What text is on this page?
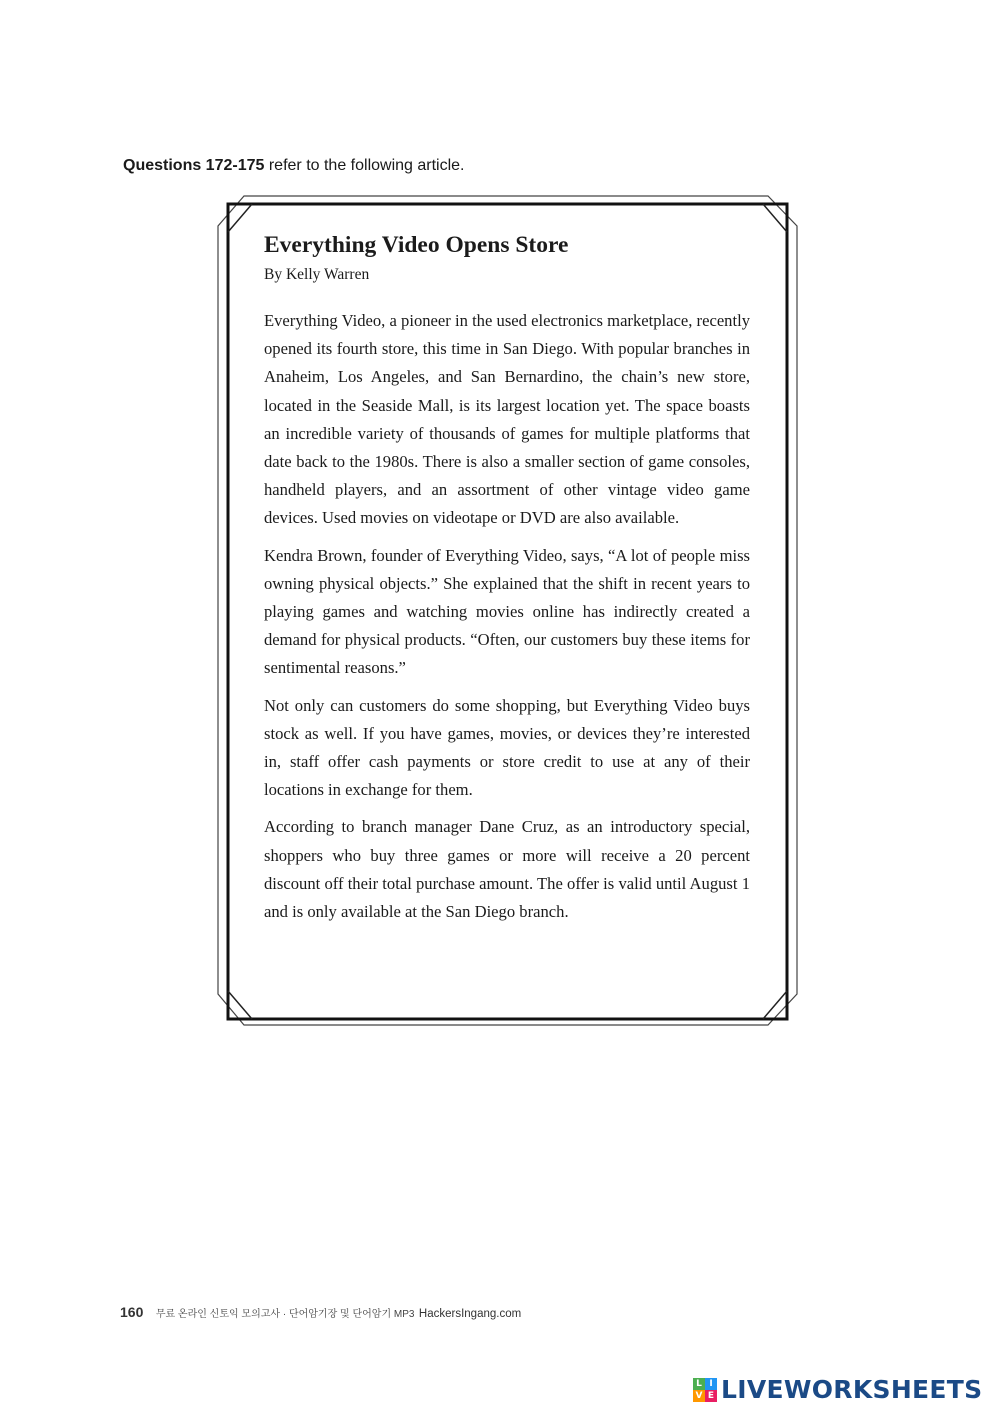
Questions 172-175 refer to the following article.
Everything Video Opens Store
By Kelly Warren

Everything Video, a pioneer in the used electronics marketplace, recently opened its fourth store, this time in San Diego. With popular branches in Anaheim, Los Angeles, and San Bernardino, the chain’s new store, located in the Seaside Mall, is its largest location yet. The space boasts an incredible variety of thousands of games for multiple platforms that date back to the 1980s. There is also a smaller section of game consoles, handheld players, and an assortment of other vintage video game devices. Used movies on videotape or DVD are also available.

Kendra Brown, founder of Everything Video, says, “A lot of people miss owning physical objects.” She explained that the shift in recent years to playing games and watching movies online has indirectly created a demand for physical products. “Often, our customers buy these items for sentimental reasons.”

Not only can customers do some shopping, but Everything Video buys stock as well. If you have games, movies, or devices they’re interested in, staff offer cash payments or store credit to use at any of their locations in exchange for them.

According to branch manager Dane Cruz, as an introductory special, shoppers who buy three games or more will receive a 20 percent discount off their total purchase amount. The offer is valid until August 1 and is only available at the San Diego branch.

160 무료 온라인 신토익 모의고사 · 단어암기장 및 단어암기 MP3 HackersIngang.com
L I
V E LIVEWORKSHEETS
